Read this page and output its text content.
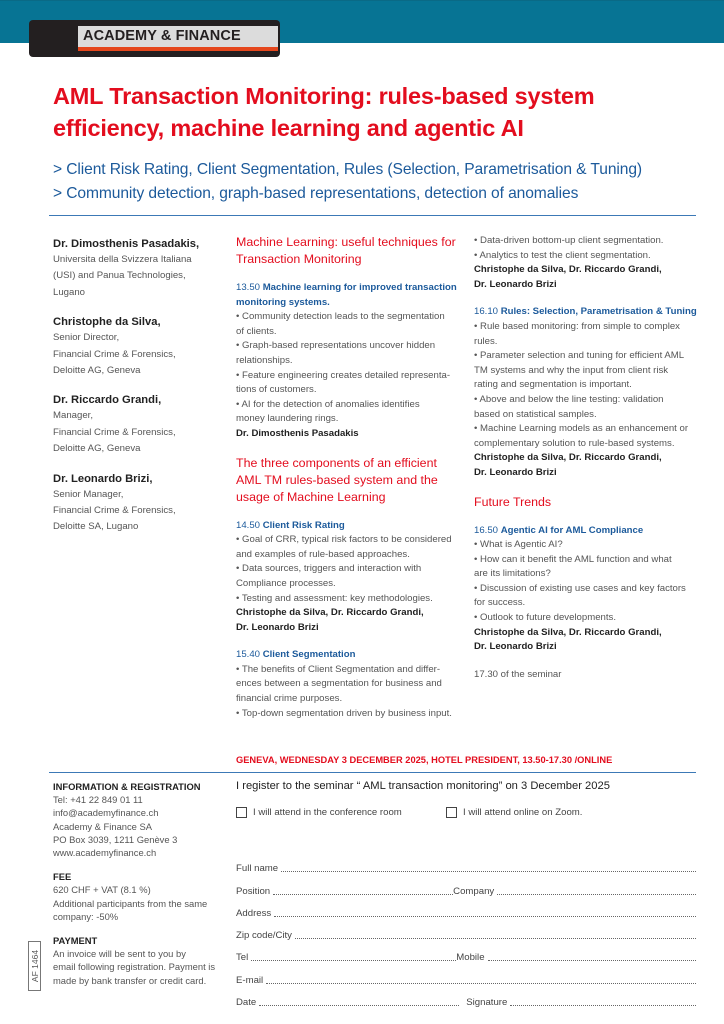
ACADEMY & FINANCE
AML Transaction Monitoring: rules-based system
efficiency, machine learning and agentic AI
> Client Risk Rating, Client Segmentation, Rules (Selection, Parametrisation & Tuning)
> Community detection, graph-based representations, detection of anomalies
Dr. Dimosthenis Pasadakis,
Universita della Svizzera Italiana
(USI) and Panua Technologies,
Lugano
Christophe da Silva,
Senior Director,
Financial Crime & Forensics,
Deloitte AG, Geneva
Dr. Riccardo Grandi,
Manager,
Financial Crime & Forensics,
Deloitte AG, Geneva
Dr. Leonardo Brizi,
Senior Manager,
Financial Crime & Forensics,
Deloitte SA, Lugano
Machine Learning: useful techniques for
Transaction Monitoring
13.50 Machine learning for improved transaction
monitoring systems.
• Community detection leads to the segmentation
of clients.
• Graph-based representations uncover hidden
relationships.
• Feature engineering creates detailed representa-
tions of customers.
• AI for the detection of anomalies identifies
money laundering rings.
Dr. Dimosthenis Pasadakis
The three components of an efficient
AML TM rules-based system and the
usage of Machine Learning
14.50 Client Risk Rating
• Goal of CRR, typical risk factors to be considered
and examples of rule-based approaches.
• Data sources, triggers and interaction with
Compliance processes.
• Testing and assessment: key methodologies.
Christophe da Silva, Dr. Riccardo Grandi,
Dr. Leonardo Brizi
15.40 Client Segmentation
• The benefits of Client Segmentation and differ-
ences between a segmentation for business and
financial crime purposes.
• Top-down segmentation driven by business input.
• Data-driven bottom-up client segmentation.
• Analytics to test the client segmentation.
Christophe da Silva, Dr. Riccardo Grandi,
Dr. Leonardo Brizi
16.10 Rules: Selection, Parametrisation & Tuning
• Rule based monitoring: from simple to complex
rules.
• Parameter selection and tuning for efficient AML
TM systems and why the input from client risk
rating and segmentation is important.
• Above and below the line testing: validation
based on statistical samples.
• Machine Learning models as an enhancement or
complementary solution to rule-based systems.
Christophe da Silva, Dr. Riccardo Grandi,
Dr. Leonardo Brizi
Future Trends
16.50 Agentic AI for AML Compliance
• What is Agentic AI?
• How can it benefit the AML function and what
are its limitations?
• Discussion of existing use cases and key factors
for success.
• Outlook to future developments.
Christophe da Silva, Dr. Riccardo Grandi,
Dr. Leonardo Brizi
17.30 of the seminar
GENEVA, WEDNESDAY 3 DECEMBER 2025, HOTEL PRESIDENT, 13.50-17.30 /ONLINE
INFORMATION & REGISTRATION
Tel: +41 22 849 01 11
info@academyfinance.ch
Academy & Finance SA
PO Box 3039, 1211 Genève 3
www.academyfinance.ch
FEE
620 CHF + VAT (8.1 %)
Additional participants from the same
company: -50%
PAYMENT
An invoice will be sent to you by
email following registration. Payment is
made by bank transfer or credit card.
AF 1464
I register to the seminar “ AML transaction monitoring” on 3 December 2025
I will attend in the conference room	I will attend online on Zoom.
Full name
Position	Company
Address
Zip code/City
Tel	Mobile
E-mail
Date	Signature
